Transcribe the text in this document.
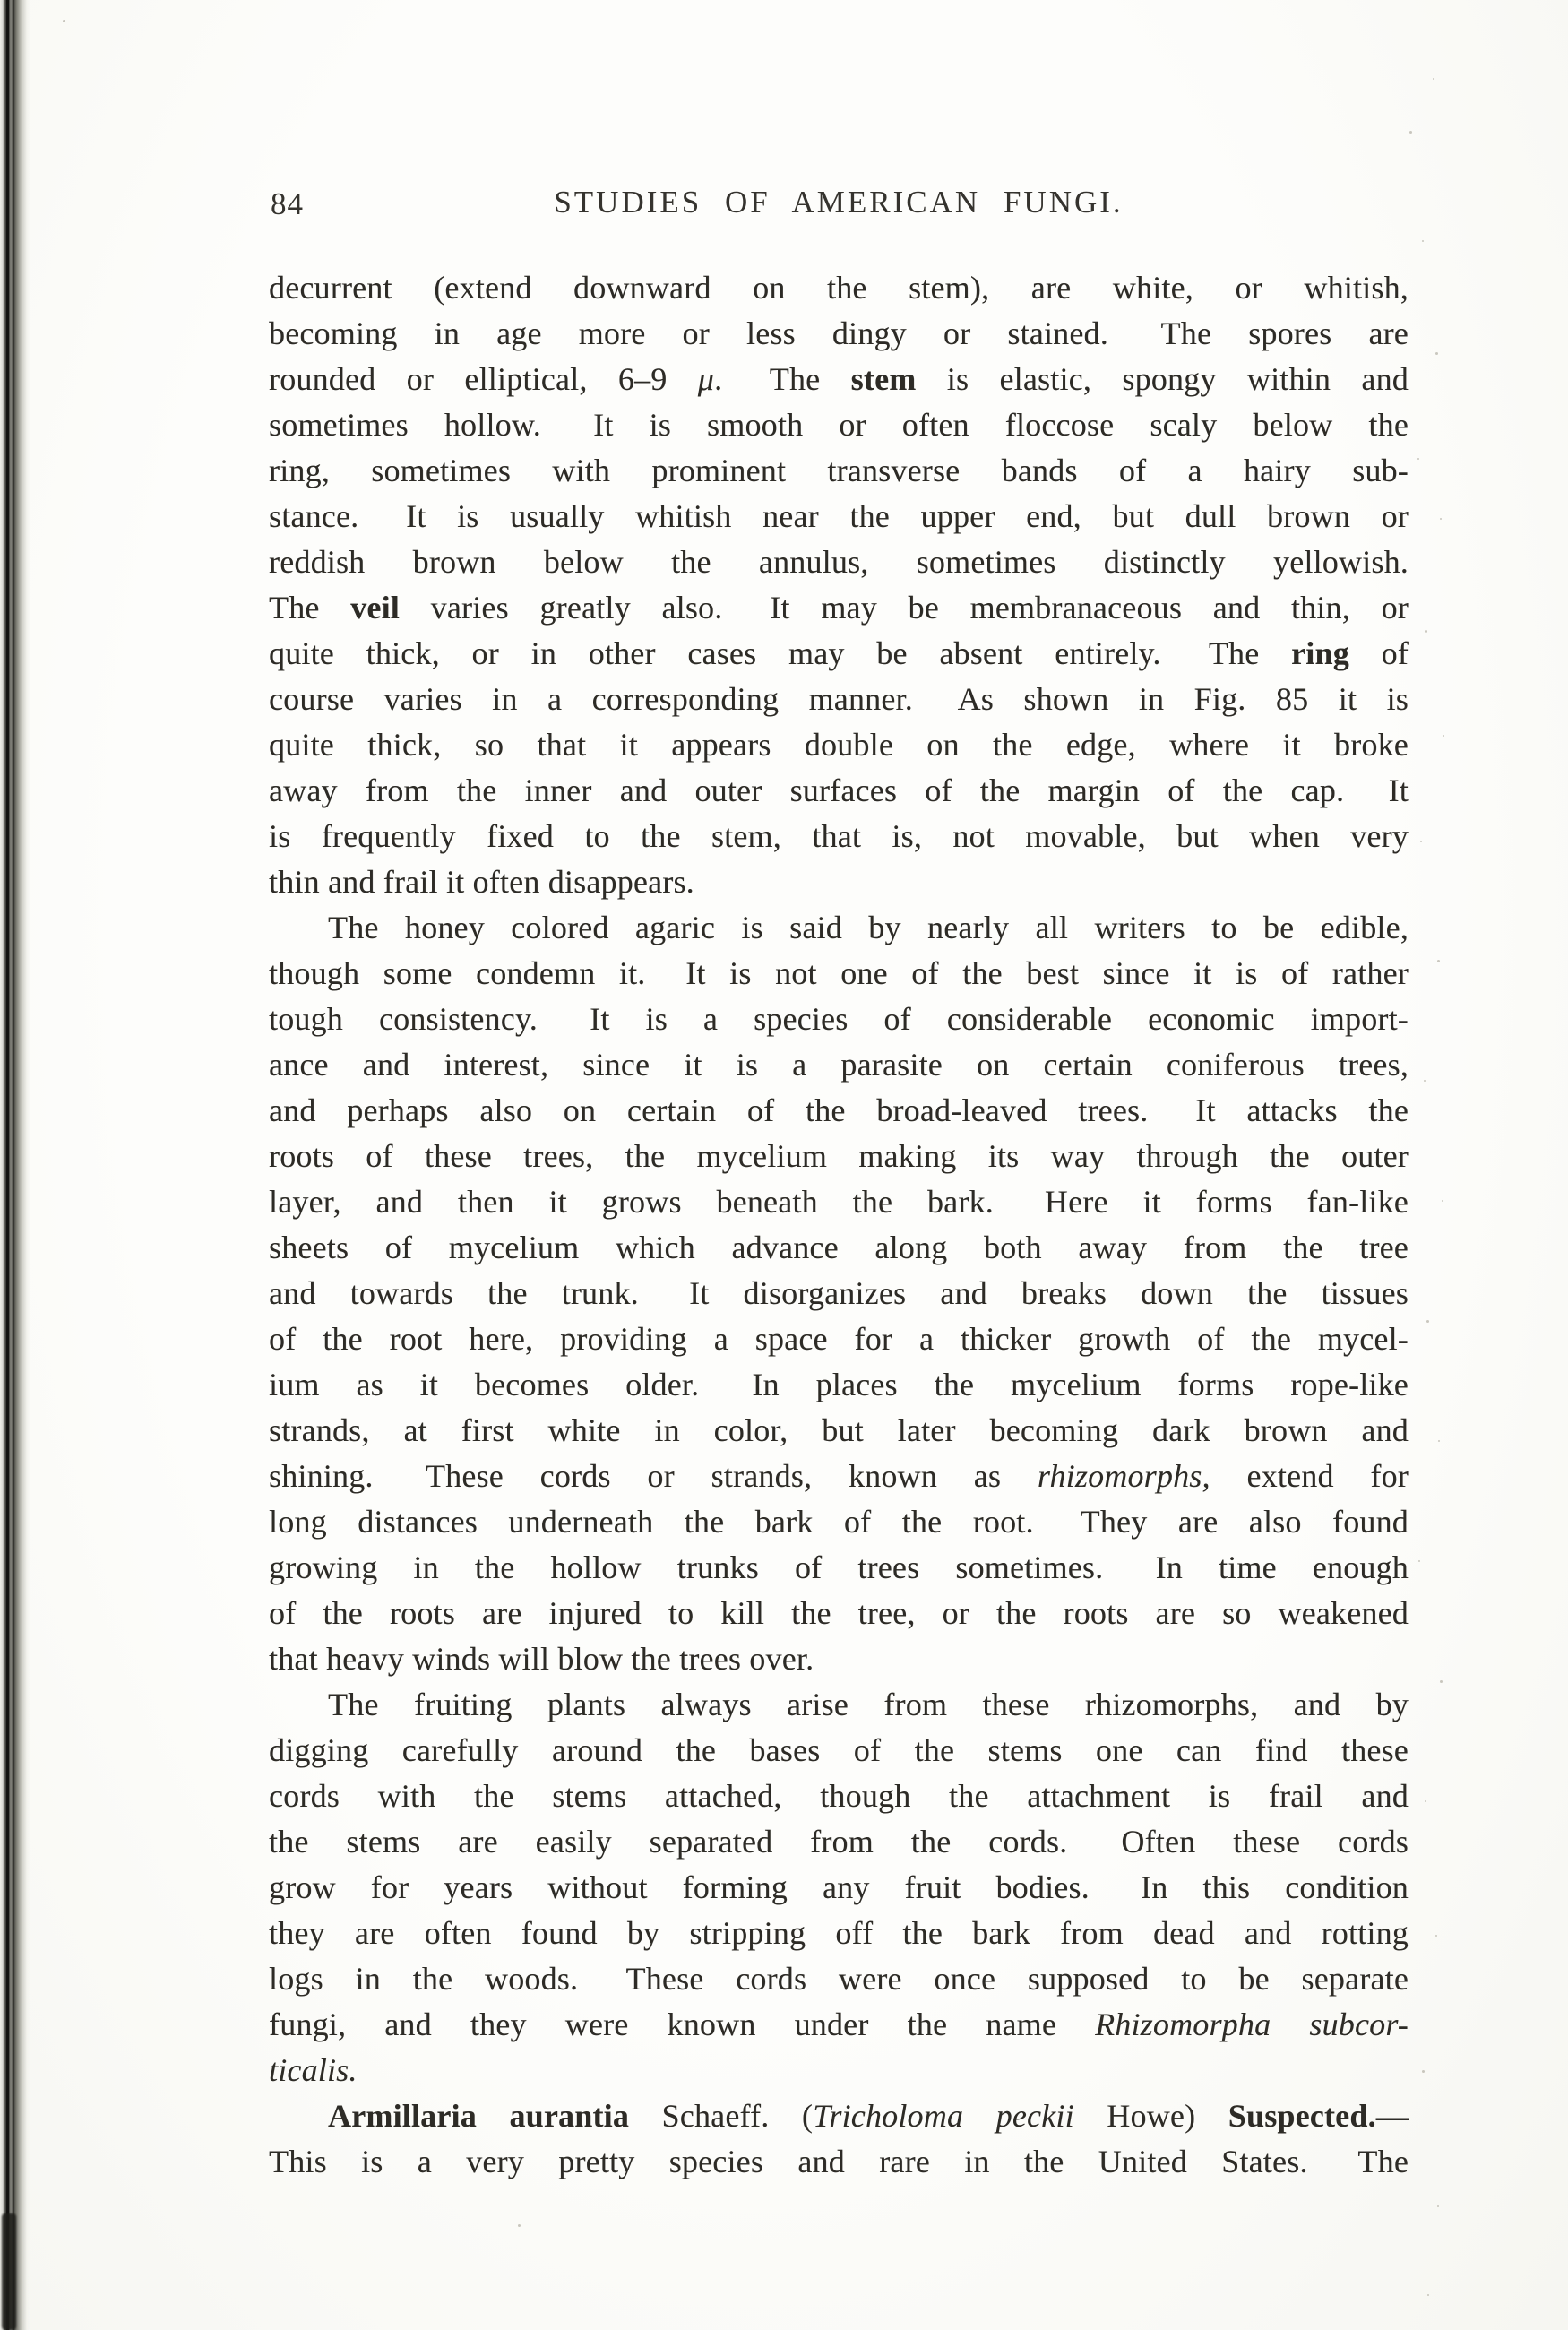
84	STUDIES OF AMERICAN FUNGI.
decurrent (extend downward on the stem), are white, or whitish,
becoming in age more or less dingy or stained.  The spores are
rounded or elliptical, 6–9 μ.  The stem is elastic, spongy within and
sometimes hollow.  It is smooth or often floccose scaly below the
ring, sometimes with prominent transverse bands of a hairy sub-
stance.  It is usually whitish near the upper end, but dull brown or
reddish brown below the annulus, sometimes distinctly yellowish.
The veil varies greatly also.  It may be membranaceous and thin, or
quite thick, or in other cases may be absent entirely.  The ring of
course varies in a corresponding manner.  As shown in Fig. 85 it is
quite thick, so that it appears double on the edge, where it broke
away from the inner and outer surfaces of the margin of the cap.  It
is frequently fixed to the stem, that is, not movable, but when very
thin and frail it often disappears.
The honey colored agaric is said by nearly all writers to be edible,
though some condemn it.  It is not one of the best since it is of rather
tough consistency.  It is a species of considerable economic import-
ance and interest, since it is a parasite on certain coniferous trees,
and perhaps also on certain of the broad-leaved trees.  It attacks the
roots of these trees, the mycelium making its way through the outer
layer, and then it grows beneath the bark.  Here it forms fan-like
sheets of mycelium which advance along both away from the tree
and towards the trunk.  It disorganizes and breaks down the tissues
of the root here, providing a space for a thicker growth of the mycel-
ium as it becomes older.  In places the mycelium forms rope-like
strands, at first white in color, but later becoming dark brown and
shining.  These cords or strands, known as rhizomorphs, extend for
long distances underneath the bark of the root.  They are also found
growing in the hollow trunks of trees sometimes.  In time enough
of the roots are injured to kill the tree, or the roots are so weakened
that heavy winds will blow the trees over.
The fruiting plants always arise from these rhizomorphs, and by
digging carefully around the bases of the stems one can find these
cords with the stems attached, though the attachment is frail and
the stems are easily separated from the cords.  Often these cords
grow for years without forming any fruit bodies.  In this condition
they are often found by stripping off the bark from dead and rotting
logs in the woods.  These cords were once supposed to be separate
fungi, and they were known under the name Rhizomorpha subcor-
ticalis.
Armillaria aurantia Schaeff. (Tricholoma peckii Howe) Suspected.—
This is a very pretty species and rare in the United States.  The
